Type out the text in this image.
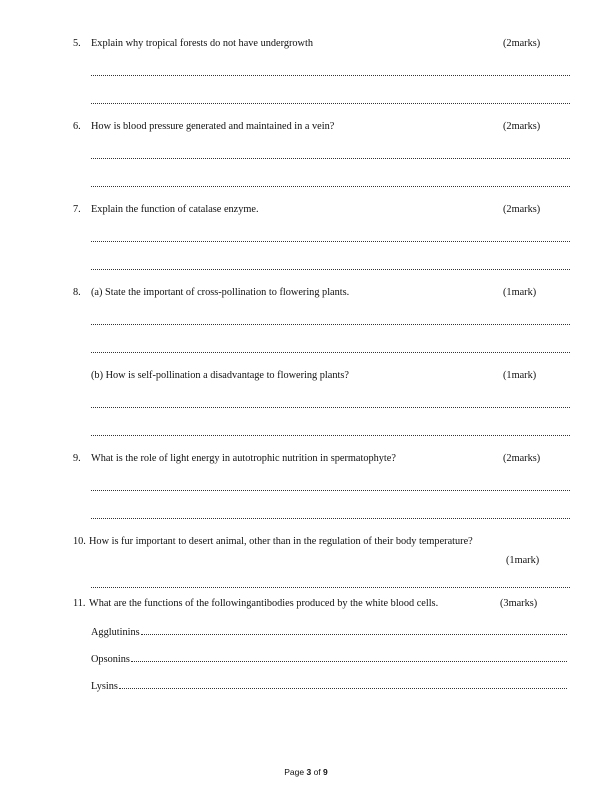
5. Explain why tropical forests do not have undergrowth	(2marks)
6. How is blood pressure generated and maintained in a vein?	(2marks)
7. Explain the function of catalase enzyme.	(2marks)
8. (a) State the important of cross-pollination to flowering plants.	(1mark)
(b) How is self-pollination a disadvantage to flowering plants?	(1mark)
9. What is the role of light energy in autotrophic nutrition in spermatophyte?	(2marks)
10. How is fur important to desert animal, other than in the regulation of their body temperature?
(1mark)
11. What are the functions of the followingantibodies produced by the white blood cells.	(3marks)
Agglutinins
Opsonins
Lysins
Page 3 of 9
